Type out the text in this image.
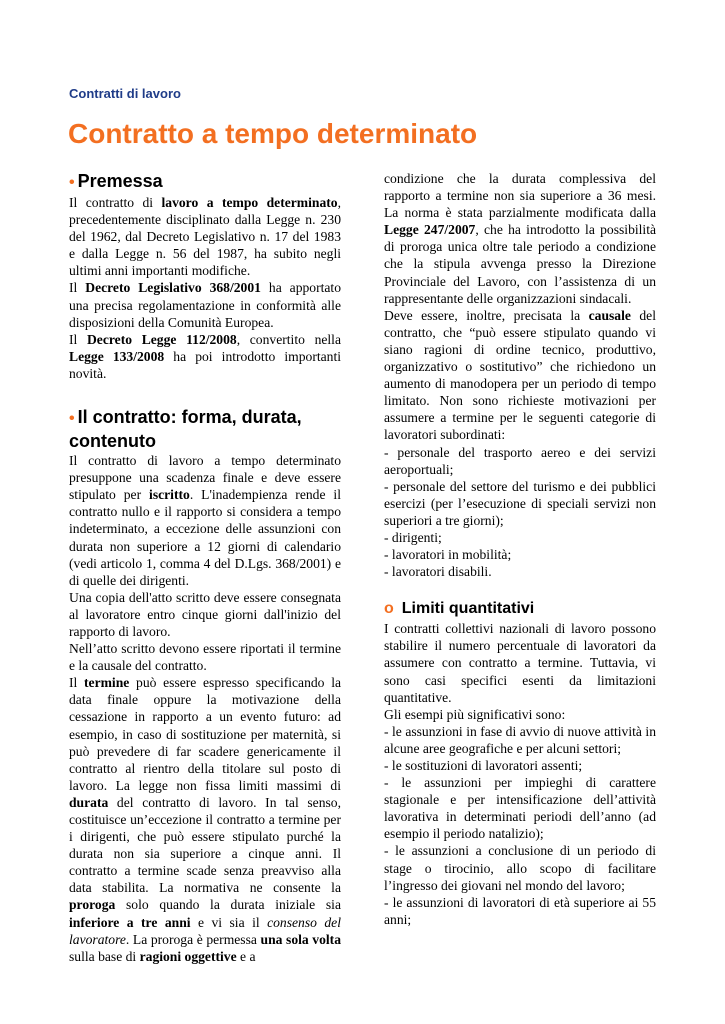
Contratti di lavoro
Contratto a tempo determinato
• Premessa

Il contratto di lavoro a tempo determinato, precedentemente disciplinato dalla Legge n. 230 del 1962, dal Decreto Legislativo n. 17 del 1983 e dalla Legge n. 56 del 1987, ha subito negli ultimi anni importanti modifiche.

Il Decreto Legislativo 368/2001 ha apportato una precisa regolamentazione in conformità alle disposizioni della Comunità Europea.

Il Decreto Legge 112/2008, convertito nella Legge 133/2008 ha poi introdotto importanti novità.

• Il contratto: forma, durata, contenuto

Il contratto di lavoro a tempo determinato presuppone una scadenza finale e deve essere stipulato per iscritto. L'inadempienza rende il contratto nullo e il rapporto si considera a tempo indeterminato, a eccezione delle assunzioni con durata non superiore a 12 giorni di calendario (vedi articolo 1, comma 4 del D.Lgs. 368/2001) e di quelle dei dirigenti.

Una copia dell'atto scritto deve essere consegnata al lavoratore entro cinque giorni dall'inizio del rapporto di lavoro.

Nell’atto scritto devono essere riportati il termine e la causale del contratto.

Il termine può essere espresso specificando la data finale oppure la motivazione della cessazione in rapporto a un evento futuro: ad esempio, in caso di sostituzione per maternità, si può prevedere di far scadere genericamente il contratto al rientro della titolare sul posto di lavoro. La legge non fissa limiti massimi di durata del contratto di lavoro. In tal senso, costituisce un’eccezione il contratto a termine per i dirigenti, che può essere stipulato purché la durata non sia superiore a cinque anni. Il contratto a termine scade senza preavviso alla data stabilita. La normativa ne consente la proroga solo quando la durata iniziale sia inferiore a tre anni e vi sia il consenso del lavoratore. La proroga è permessa una sola volta sulla base di ragioni oggettive e a

condizione che la durata complessiva del rapporto a termine non sia superiore a 36 mesi. La norma è stata parzialmente modificata dalla Legge 247/2007, che ha introdotto la possibilità di proroga unica oltre tale periodo a condizione che la stipula avvenga presso la Direzione Provinciale del Lavoro, con l’assistenza di un rappresentante delle organizzazioni sindacali.

Deve essere, inoltre, precisata la causale del contratto, che “può essere stipulato quando vi siano ragioni di ordine tecnico, produttivo, organizzativo o sostitutivo” che richiedono un aumento di manodopera per un periodo di tempo limitato. Non sono richieste motivazioni per assumere a termine per le seguenti categorie di lavoratori subordinati:

- personale del trasporto aereo e dei servizi aeroportuali;

- personale del settore del turismo e dei pubblici esercizi (per l’esecuzione di speciali servizi non superiori a tre giorni);

- dirigenti;

- lavoratori in mobilità;

- lavoratori disabili.

o Limiti quantitativi

I contratti collettivi nazionali di lavoro possono stabilire il numero percentuale di lavoratori da assumere con contratto a termine. Tuttavia, vi sono casi specifici esenti da limitazioni quantitative.

Gli esempi più significativi sono:

- le assunzioni in fase di avvio di nuove attività in alcune aree geografiche e per alcuni settori;

- le sostituzioni di lavoratori assenti;

- le assunzioni per impieghi di carattere stagionale e per intensificazione dell’attività lavorativa in determinati periodi dell’anno (ad esempio il periodo natalizio);

- le assunzioni a conclusione di un periodo di stage o tirocinio, allo scopo di facilitare l’ingresso dei giovani nel mondo del lavoro;

- le assunzioni di lavoratori di età superiore ai 55 anni;
